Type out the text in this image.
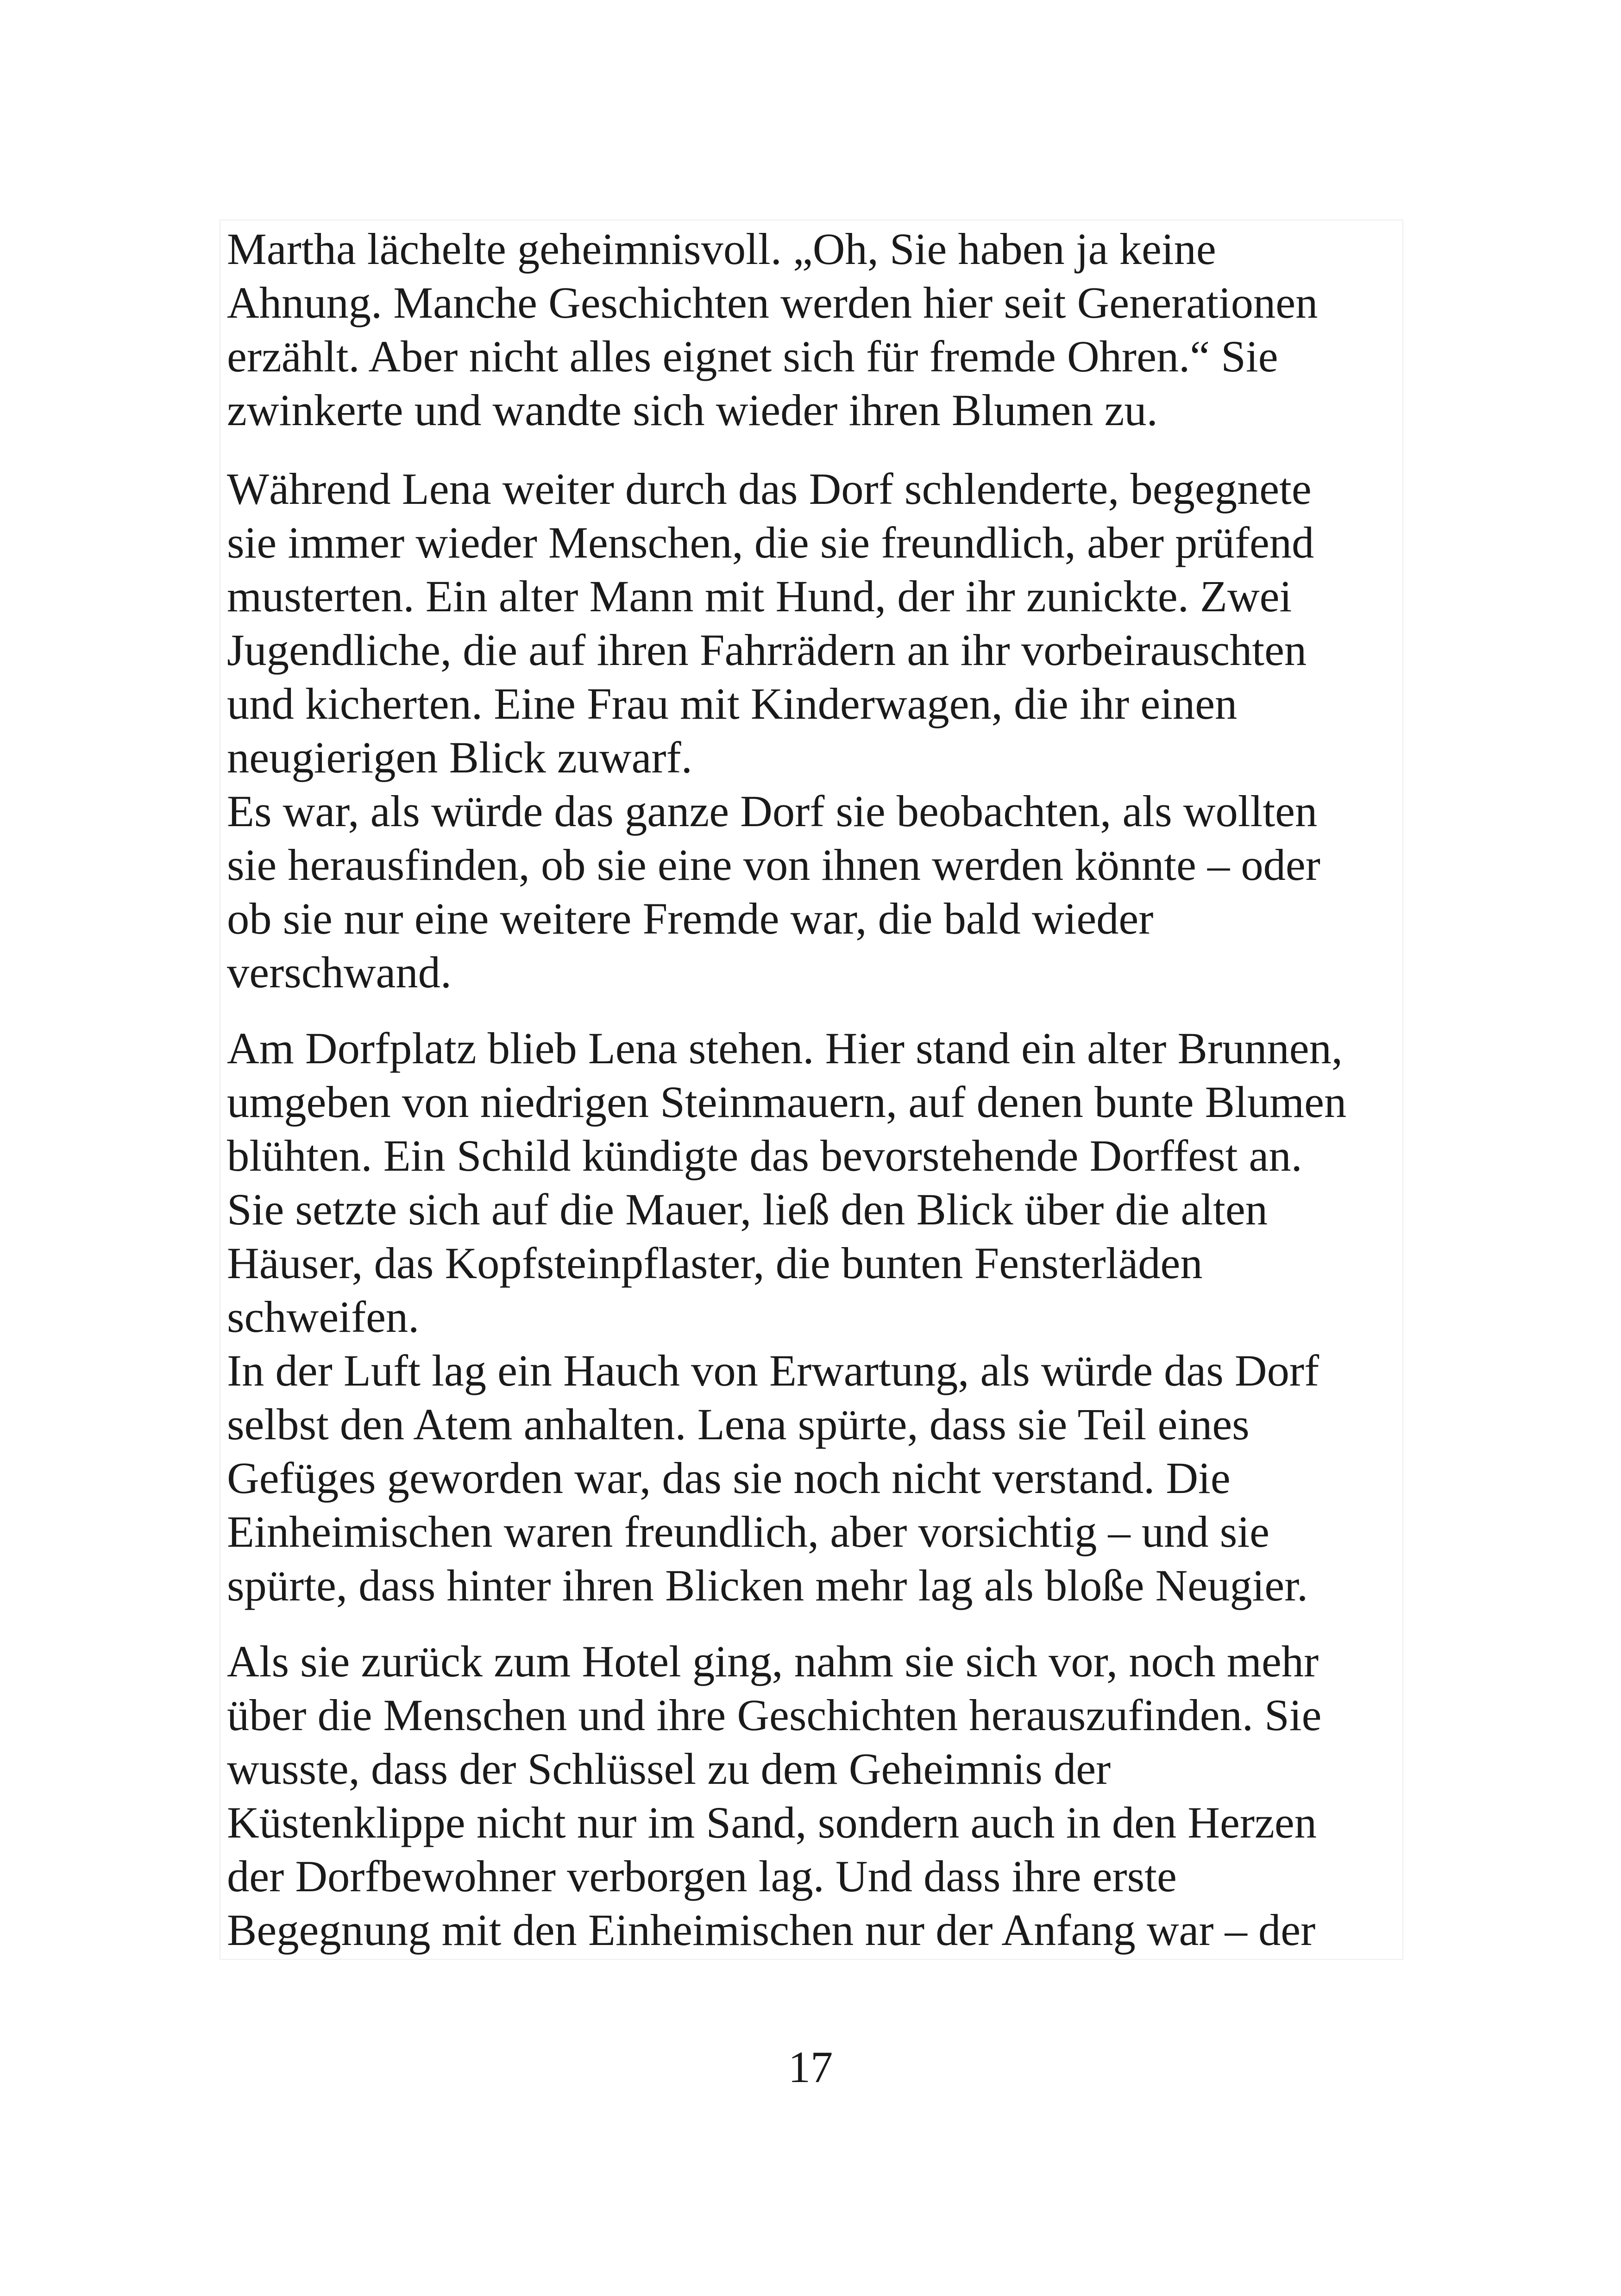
Martha lächelte geheimnisvoll. „Oh, Sie haben ja keine
Ahnung. Manche Geschichten werden hier seit Generationen
erzählt. Aber nicht alles eignet sich für fremde Ohren.“ Sie
zwinkerte und wandte sich wieder ihren Blumen zu.
Während Lena weiter durch das Dorf schlenderte, begegnete
sie immer wieder Menschen, die sie freundlich, aber prüfend
musterten. Ein alter Mann mit Hund, der ihr zunickte. Zwei
Jugendliche, die auf ihren Fahrrädern an ihr vorbeirauschten
und kicherten. Eine Frau mit Kinderwagen, die ihr einen
neugierigen Blick zuwarf.
Es war, als würde das ganze Dorf sie beobachten, als wollten
sie herausfinden, ob sie eine von ihnen werden könnte – oder
ob sie nur eine weitere Fremde war, die bald wieder
verschwand.
Am Dorfplatz blieb Lena stehen. Hier stand ein alter Brunnen,
umgeben von niedrigen Steinmauern, auf denen bunte Blumen
blühten. Ein Schild kündigte das bevorstehende Dorffest an.
Sie setzte sich auf die Mauer, ließ den Blick über die alten
Häuser, das Kopfsteinpflaster, die bunten Fensterläden
schweifen.
In der Luft lag ein Hauch von Erwartung, als würde das Dorf
selbst den Atem anhalten. Lena spürte, dass sie Teil eines
Gefüges geworden war, das sie noch nicht verstand. Die
Einheimischen waren freundlich, aber vorsichtig – und sie
spürte, dass hinter ihren Blicken mehr lag als bloße Neugier.
Als sie zurück zum Hotel ging, nahm sie sich vor, noch mehr
über die Menschen und ihre Geschichten herauszufinden. Sie
wusste, dass der Schlüssel zu dem Geheimnis der
Küstenklippe nicht nur im Sand, sondern auch in den Herzen
der Dorfbewohner verborgen lag. Und dass ihre erste
Begegnung mit den Einheimischen nur der Anfang war – der
17
